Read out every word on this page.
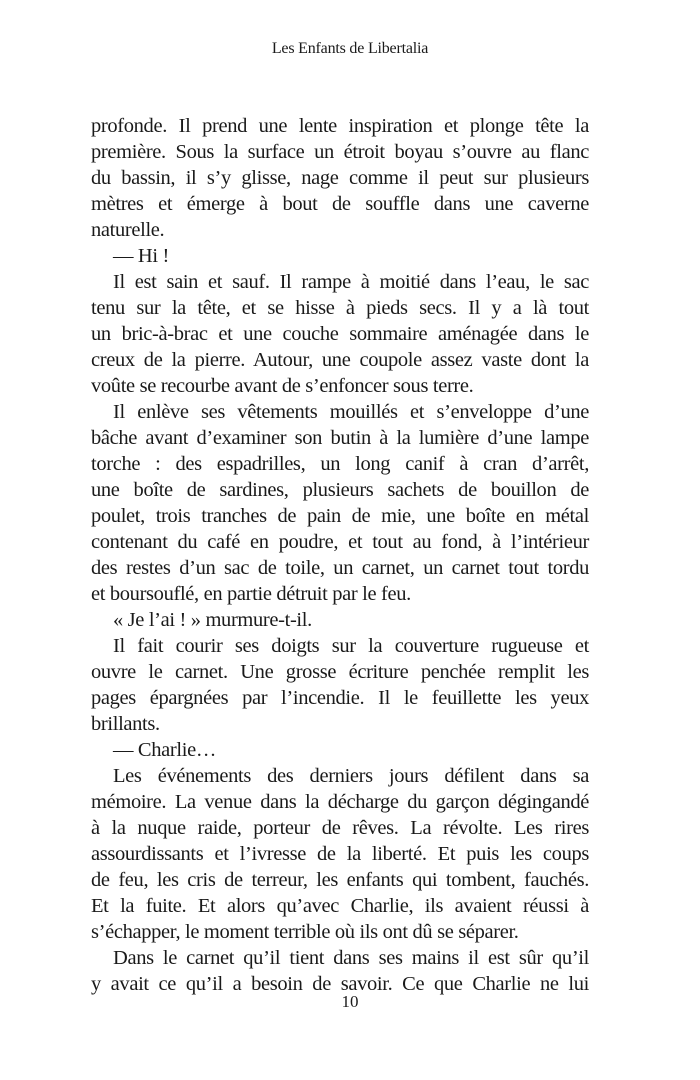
Les Enfants de Libertalia
profonde. Il prend une lente inspiration et plonge tête la
première. Sous la surface un étroit boyau s’ouvre au flanc
du bassin, il s’y glisse, nage comme il peut sur plusieurs
mètres et émerge à bout de souffle dans une caverne
naturelle.
— Hi !
Il est sain et sauf. Il rampe à moitié dans l’eau, le sac
tenu sur la tête, et se hisse à pieds secs. Il y a là tout
un bric-à-brac et une couche sommaire aménagée dans le
creux de la pierre. Autour, une coupole assez vaste dont la
voûte se recourbe avant de s’enfoncer sous terre.
Il enlève ses vêtements mouillés et s’enveloppe d’une
bâche avant d’examiner son butin à la lumière d’une lampe
torche : des espadrilles, un long canif à cran d’arrêt,
une boîte de sardines, plusieurs sachets de bouillon de
poulet, trois tranches de pain de mie, une boîte en métal
contenant du café en poudre, et tout au fond, à l’intérieur
des restes d’un sac de toile, un carnet, un carnet tout tordu
et boursouflé, en partie détruit par le feu.
« Je l’ai ! » murmure-t-il.
Il fait courir ses doigts sur la couverture rugueuse et
ouvre le carnet. Une grosse écriture penchée remplit les
pages épargnées par l’incendie. Il le feuillette les yeux
brillants.
— Charlie…
Les événements des derniers jours défilent dans sa
mémoire. La venue dans la décharge du garçon dégingandé
à la nuque raide, porteur de rêves. La révolte. Les rires
assourdissants et l’ivresse de la liberté. Et puis les coups
de feu, les cris de terreur, les enfants qui tombent, fauchés.
Et la fuite. Et alors qu’avec Charlie, ils avaient réussi à
s’échapper, le moment terrible où ils ont dû se séparer.
Dans le carnet qu’il tient dans ses mains il est sûr qu’il
y avait ce qu’il a besoin de savoir. Ce que Charlie ne lui
10
